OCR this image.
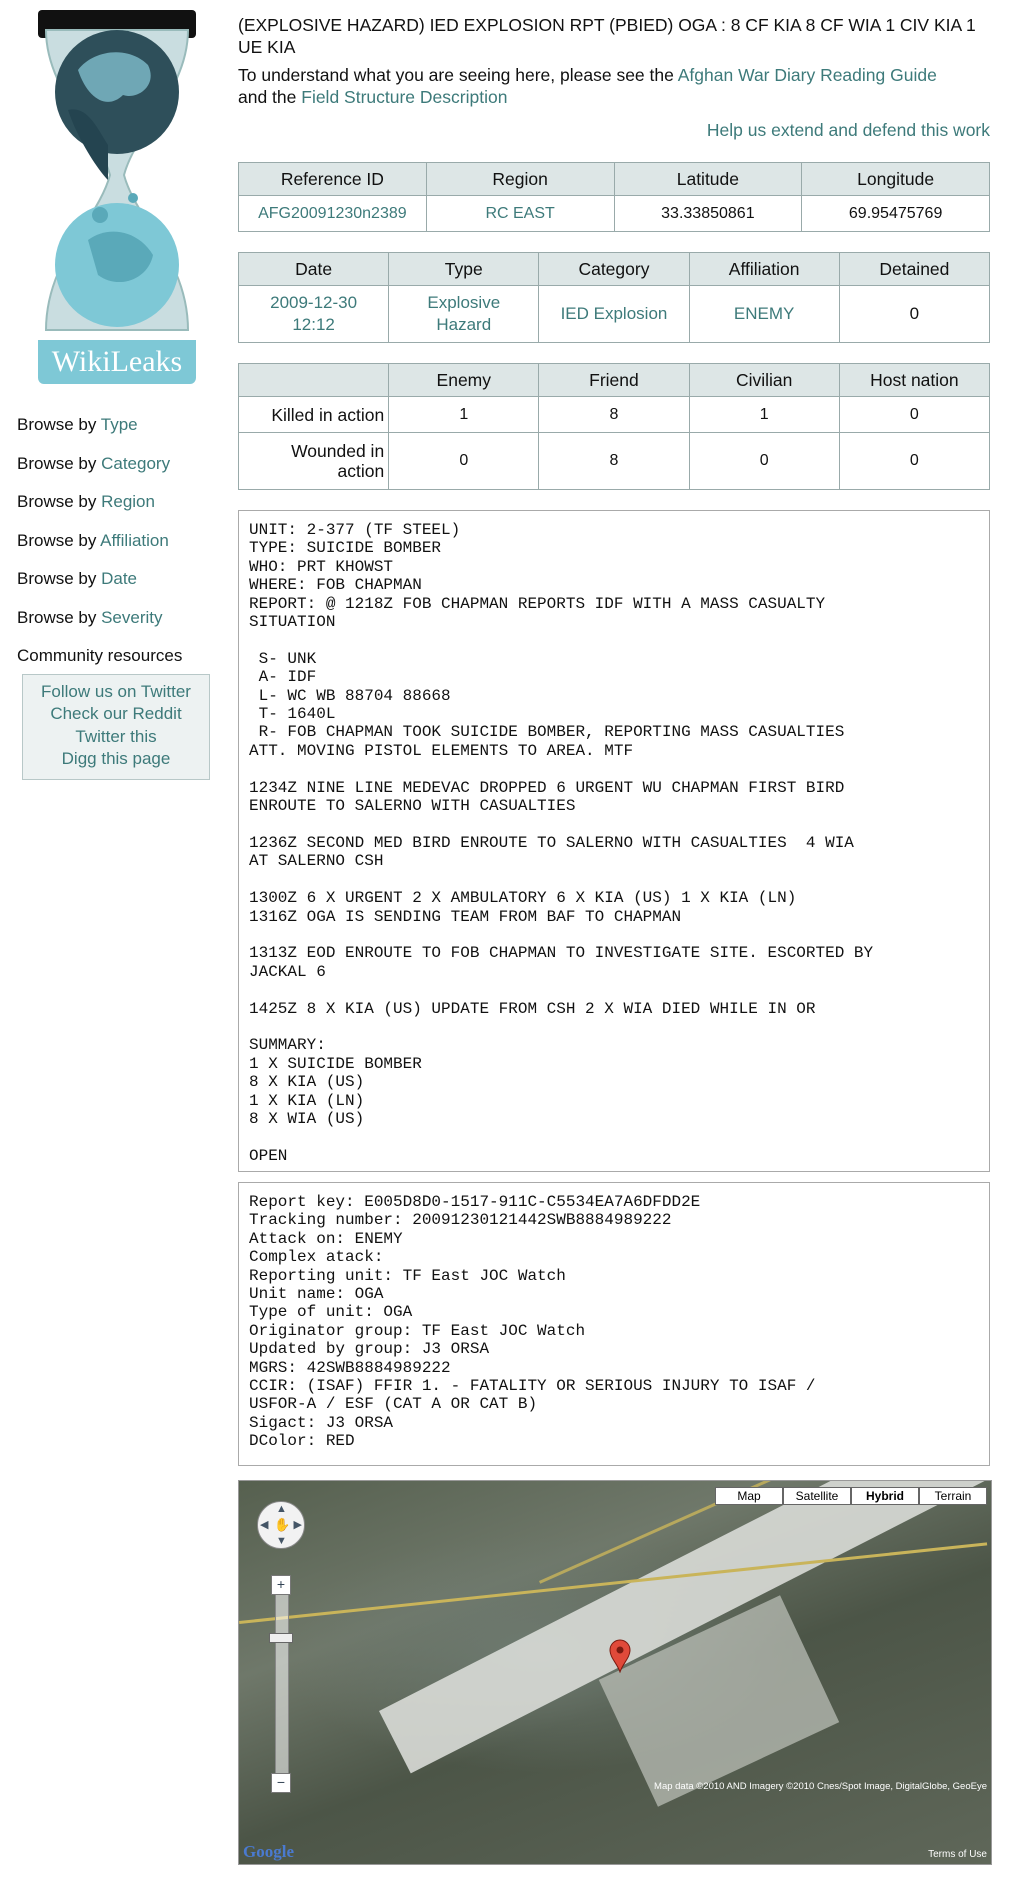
WikiLeaks
Browse by Type
Browse by Category
Browse by Region
Browse by Affiliation
Browse by Date
Browse by Severity
Community resources
Follow us on Twitter
Check our Reddit
Twitter this
Digg this page
(EXPLOSIVE HAZARD) IED EXPLOSION RPT (PBIED) OGA : 8 CF KIA 8 CF WIA 1 CIV KIA 1 UE KIA
To understand what you are seeing here, please see the Afghan War Diary Reading Guide
and the Field Structure Description
Help us extend and defend this work
Reference ID	Region	Latitude	Longitude
AFG20091230n2389	RC EAST	33.33850861	69.95475769
Date	Type	Category	Affiliation	Detained
2009-12-30 12:12	Explosive Hazard	IED Explosion	ENEMY	0
	Enemy	Friend	Civilian	Host nation
Killed in action	1	8	1	0
Wounded in action	0	8	0	0
UNIT: 2-377 (TF STEEL)
TYPE: SUICIDE BOMBER
WHO: PRT KHOWST
WHERE: FOB CHAPMAN
REPORT: @ 1218Z FOB CHAPMAN REPORTS IDF WITH A MASS CASUALTY
SITUATION

S- UNK
A- IDF
L- WC WB 88704 88668
T- 1640L
R- FOB CHAPMAN TOOK SUICIDE BOMBER, REPORTING MASS CASUALTIES
ATT. MOVING PISTOL ELEMENTS TO AREA. MTF

1234Z NINE LINE MEDEVAC DROPPED 6 URGENT WU CHAPMAN FIRST BIRD
ENROUTE TO SALERNO WITH CASUALTIES

1236Z SECOND MED BIRD ENROUTE TO SALERNO WITH CASUALTIES  4 WIA
AT SALERNO CSH

1300Z 6 X URGENT 2 X AMBULATORY 6 X KIA (US) 1 X KIA (LN)
1316Z OGA IS SENDING TEAM FROM BAF TO CHAPMAN

1313Z EOD ENROUTE TO FOB CHAPMAN TO INVESTIGATE SITE. ESCORTED BY
JACKAL 6

1425Z 8 X KIA (US) UPDATE FROM CSH 2 X WIA DIED WHILE IN OR

SUMMARY:
1 X SUICIDE BOMBER
8 X KIA (US)
1 X KIA (LN)
8 X WIA (US)

OPEN
Report key: E005D8D0-1517-911C-C5534EA7A6DFDD2E
Tracking number: 20091230121442SWB8884989222
Attack on: ENEMY
Complex atack:
Reporting unit: TF East JOC Watch
Unit name: OGA
Type of unit: OGA
Originator group: TF East JOC Watch
Updated by group: J3 ORSA
MGRS: 42SWB8884989222
CCIR: (ISAF) FFIR 1. - FATALITY OR SERIOUS INJURY TO ISAF /
USFOR-A / ESF (CAT A OR CAT B)
Sigact: J3 ORSA
DColor: RED
Map	Satellite	Hybrid	Terrain
▲
▼
◀ ▶
✋
+
−	Map data ©2010 AND Imagery ©2010 Cnes/Spot Image, DigitalGlobe, GeoEye
Google	Terms of Use
